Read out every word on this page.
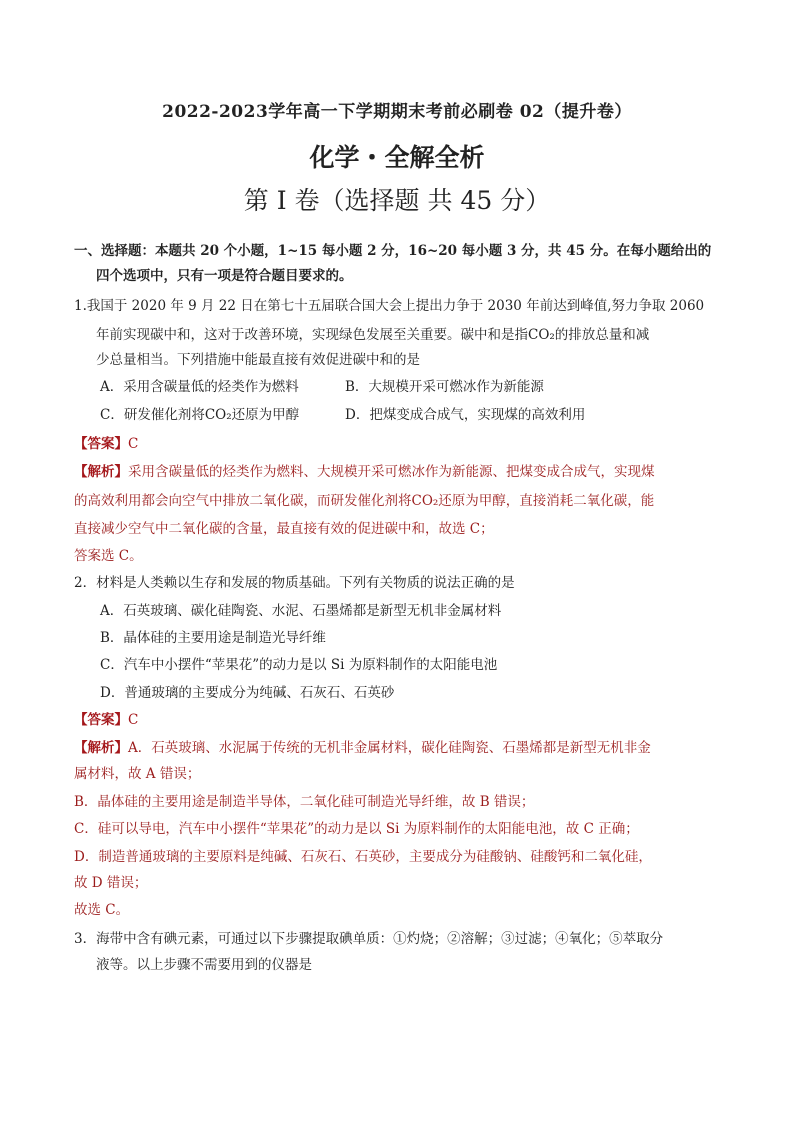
2022-2023学年高一下学期期末考前必刷卷 02（提升卷）
化学・全解全析
第 I 卷（选择题 共 45 分）
一、选择题：本题共 20 个小题，1~15 每小题 2 分，16~20 每小题 3 分，共 45 分。在每小题给出的
四个选项中，只有一项是符合题目要求的。
1.我国于 2020 年 9 月 22 日在第七十五届联合国大会上提出力争于 2030 年前达到峰值,努力争取 2060
年前实现碳中和，这对于改善环境，实现绿色发展至关重要。碳中和是指CO₂的排放总量和减
少总量相当。下列措施中能最直接有效促进碳中和的是
A．采用含碳量低的烃类作为燃料	B．大规模开采可燃冰作为新能源
C．研发催化剂将CO₂还原为甲醇	D．把煤变成合成气，实现煤的高效利用
【答案】C
【解析】采用含碳量低的烃类作为燃料、大规模开采可燃冰作为新能源、把煤变成合成气，实现煤
的高效利用都会向空气中排放二氧化碳，而研发催化剂将CO₂还原为甲醇，直接消耗二氧化碳，能
直接减少空气中二氧化碳的含量，最直接有效的促进碳中和，故选 C；
答案选 C。
2．材料是人类赖以生存和发展的物质基础。下列有关物质的说法正确的是
A．石英玻璃、碳化硅陶瓷、水泥、石墨烯都是新型无机非金属材料
B．晶体硅的主要用途是制造光导纤维
C．汽车中小摆件“苹果花”的动力是以 Si 为原料制作的太阳能电池
D．普通玻璃的主要成分为纯碱、石灰石、石英砂
【答案】C
【解析】A．石英玻璃、水泥属于传统的无机非金属材料，碳化硅陶瓷、石墨烯都是新型无机非金
属材料，故 A 错误；
B．晶体硅的主要用途是制造半导体，二氧化硅可制造光导纤维，故 B 错误；
C．硅可以导电，汽车中小摆件“苹果花”的动力是以 Si 为原料制作的太阳能电池，故 C 正确；
D．制造普通玻璃的主要原料是纯碱、石灰石、石英砂，主要成分为硅酸钠、硅酸钙和二氧化硅，
故 D 错误；
故选 C。
3．海带中含有碘元素，可通过以下步骤提取碘单质：①灼烧；②溶解；③过滤；④氧化；⑤萃取分
液等。以上步骤不需要用到的仪器是
